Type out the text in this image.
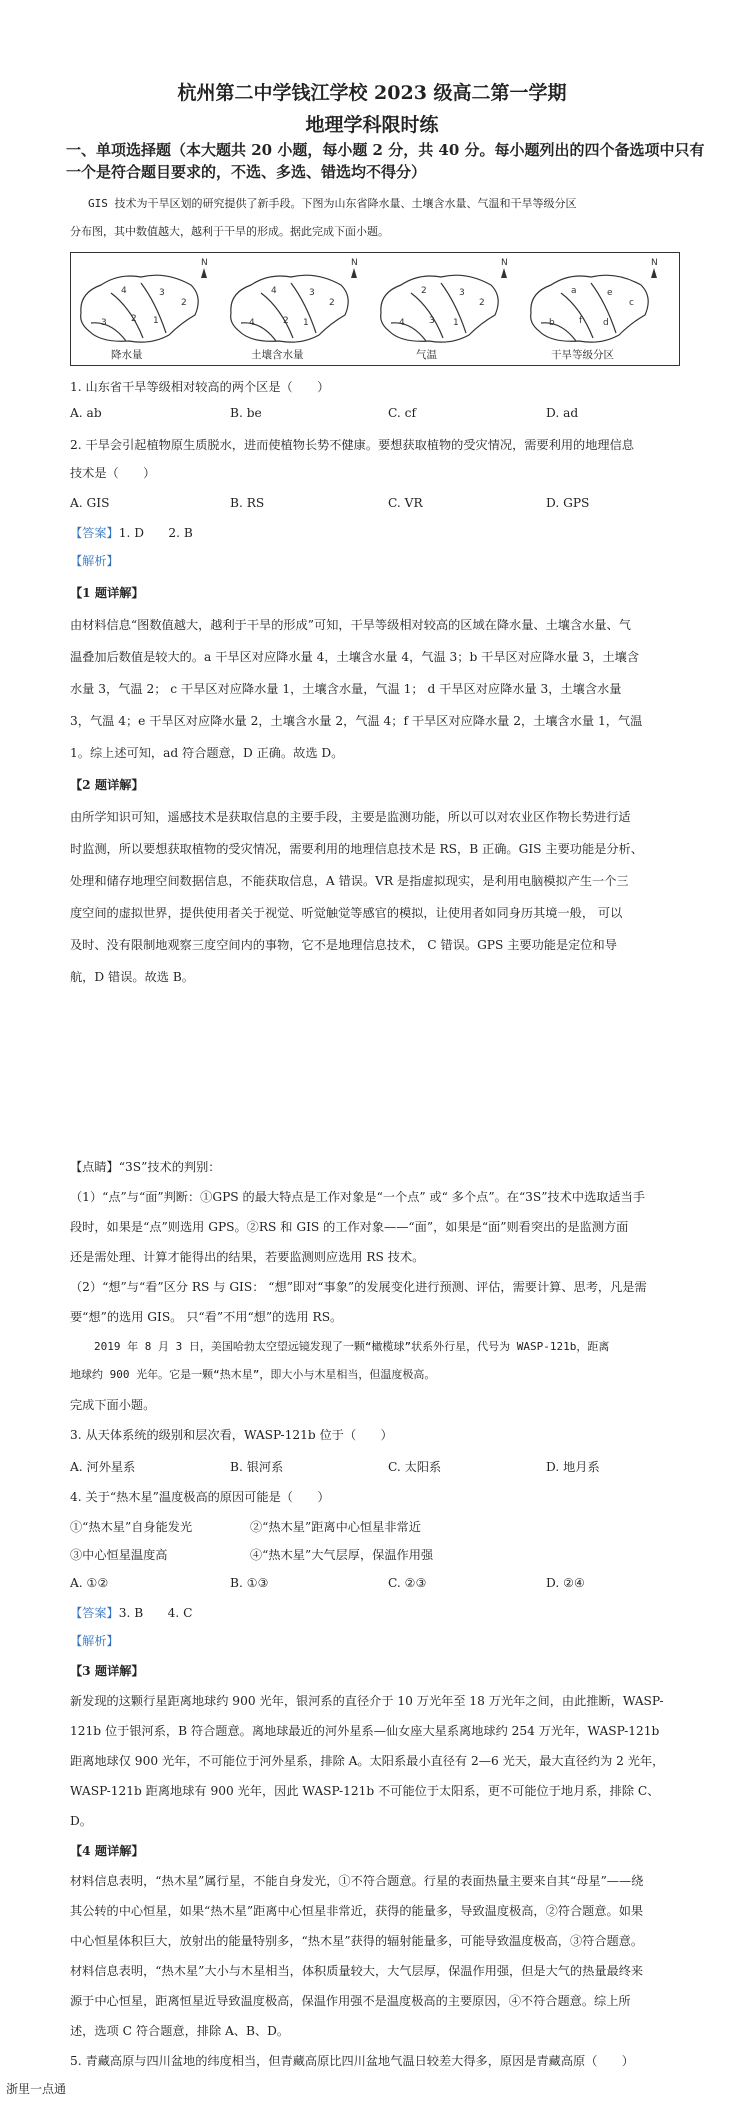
杭州第二中学钱江学校 2023 级高二第一学期
地理学科限时练
一、单项选择题（本大题共 20 小题，每小题 2 分，共 40 分。每小题列出的四个备选项中只有
一个是符合题目要求的，不选、多选、错选均不得分）
GIS 技术为干旱区划的研究提供了新手段。下图为山东省降水量、土壤含水量、气温和干旱等级分区
分布图，其中数值越大，越利于干旱的形成。据此完成下面小题。
4	3
2
3	2 1
4	3
2
4	2 1
2	3
2
4	3 1
a	e
c
b	f d
N	N	N	N
降水量	土壤含水量	气温	干旱等级分区
1. 山东省干旱等级相对较高的两个区是（　　）
A. ab	B. be	C. cf	D. ad
2. 干旱会引起植物原生质脱水，进而使植物长势不健康。要想获取植物的受灾情况，需要利用的地理信息
技术是（　　）
A. GIS	B. RS	C. VR	D. GPS
【答案】1. D　　2. B
【解析】
【1 题详解】
由材料信息“图数值越大，越利于干旱的形成”可知，干旱等级相对较高的区域在降水量、土壤含水量、气
温叠加后数值是较大的。a 干旱区对应降水量 4，土壤含水量 4，气温 3；b 干旱区对应降水量 3，土壤含
水量 3，气温 2； c 干旱区对应降水量 1，土壤含水量，气温 1； d 干旱区对应降水量 3，土壤含水量
3，气温 4；e 干旱区对应降水量 2，土壤含水量 2，气温 4；f 干旱区对应降水量 2，土壤含水量 1，气温
1。综上述可知，ad 符合题意，D 正确。故选 D。
【2 题详解】
由所学知识可知，遥感技术是获取信息的主要手段，主要是监测功能，所以可以对农业区作物长势进行适
时监测，所以要想获取植物的受灾情况，需要利用的地理信息技术是 RS，B 正确。GIS 主要功能是分析、
处理和储存地理空间数据信息，不能获取信息，A 错误。VR 是指虚拟现实，是利用电脑模拟产生一个三
度空间的虚拟世界，提供使用者关于视觉、听觉触觉等感官的模拟，让使用者如同身历其境一般， 可以
及时、没有限制地观察三度空间内的事物，它不是地理信息技术， C 错误。GPS 主要功能是定位和导
航，D 错误。故选 B。
【点睛】“3S”技术的判别：
（1）“点”与“面”判断：①GPS 的最大特点是工作对象是“一个点” 或“ 多个点”。在“3S”技术中选取适当手
段时，如果是“点”则选用 GPS。②RS 和 GIS 的工作对象——“面”，如果是“面”则看突出的是监测方面
还是需处理、计算才能得出的结果，若要监测则应选用 RS 技术。
（2）“想”与“看”区分 RS 与 GIS： “想”即对“事象”的发展变化进行预测、评估，需要计算、思考，凡是需
要“想”的选用 GIS。 只“看”不用“想”的选用 RS。
2019 年 8 月 3 日，美国哈勃太空望远镜发现了一颗“橄榄球”状系外行星，代号为 WASP-121b，距离
地球约 900 光年。它是一颗“热木星”，即大小与木星相当，但温度极高。
完成下面小题。
3. 从天体系统的级别和层次看，WASP-121b 位于（　　）
A. 河外星系	B. 银河系	C. 太阳系	D. 地月系
4. 关于“热木星”温度极高的原因可能是（　　）
①“热木星”自身能发光	②“热木星”距离中心恒星非常近
③中心恒星温度高	④“热木星”大气层厚，保温作用强
A. ①②	B. ①③	C. ②③	D. ②④
【答案】3. B　　4. C
【解析】
【3 题详解】
新发现的这颗行星距离地球约 900 光年，银河系的直径介于 10 万光年至 18 万光年之间，由此推断，WASP-
121b 位于银河系，B 符合题意。离地球最近的河外星系—仙女座大星系离地球约 254 万光年，WASP-121b
距离地球仅 900 光年，不可能位于河外星系，排除 A。太阳系最小直径有 2—6 光天，最大直径约为 2 光年，
WASP-121b 距离地球有 900 光年，因此 WASP-121b 不可能位于太阳系，更不可能位于地月系，排除 C、
D。
【4 题详解】
材料信息表明，“热木星”属行星，不能自身发光，①不符合题意。行星的表面热量主要来自其“母星”——绕
其公转的中心恒星，如果“热木星”距离中心恒星非常近，获得的能量多，导致温度极高，②符合题意。如果
中心恒星体积巨大，放射出的能量特别多，“热木星”获得的辐射能量多，可能导致温度极高，③符合题意。
材料信息表明，“热木星”大小与木星相当，体积质量较大，大气层厚，保温作用强，但是大气的热量最终来
源于中心恒星，距离恒星近导致温度极高，保温作用强不是温度极高的主要原因，④不符合题意。综上所
述，选项 C 符合题意，排除 A、B、D。
5. 青藏高原与四川盆地的纬度相当，但青藏高原比四川盆地气温日较差大得多，原因是青藏高原（　　）
浙里一点通
